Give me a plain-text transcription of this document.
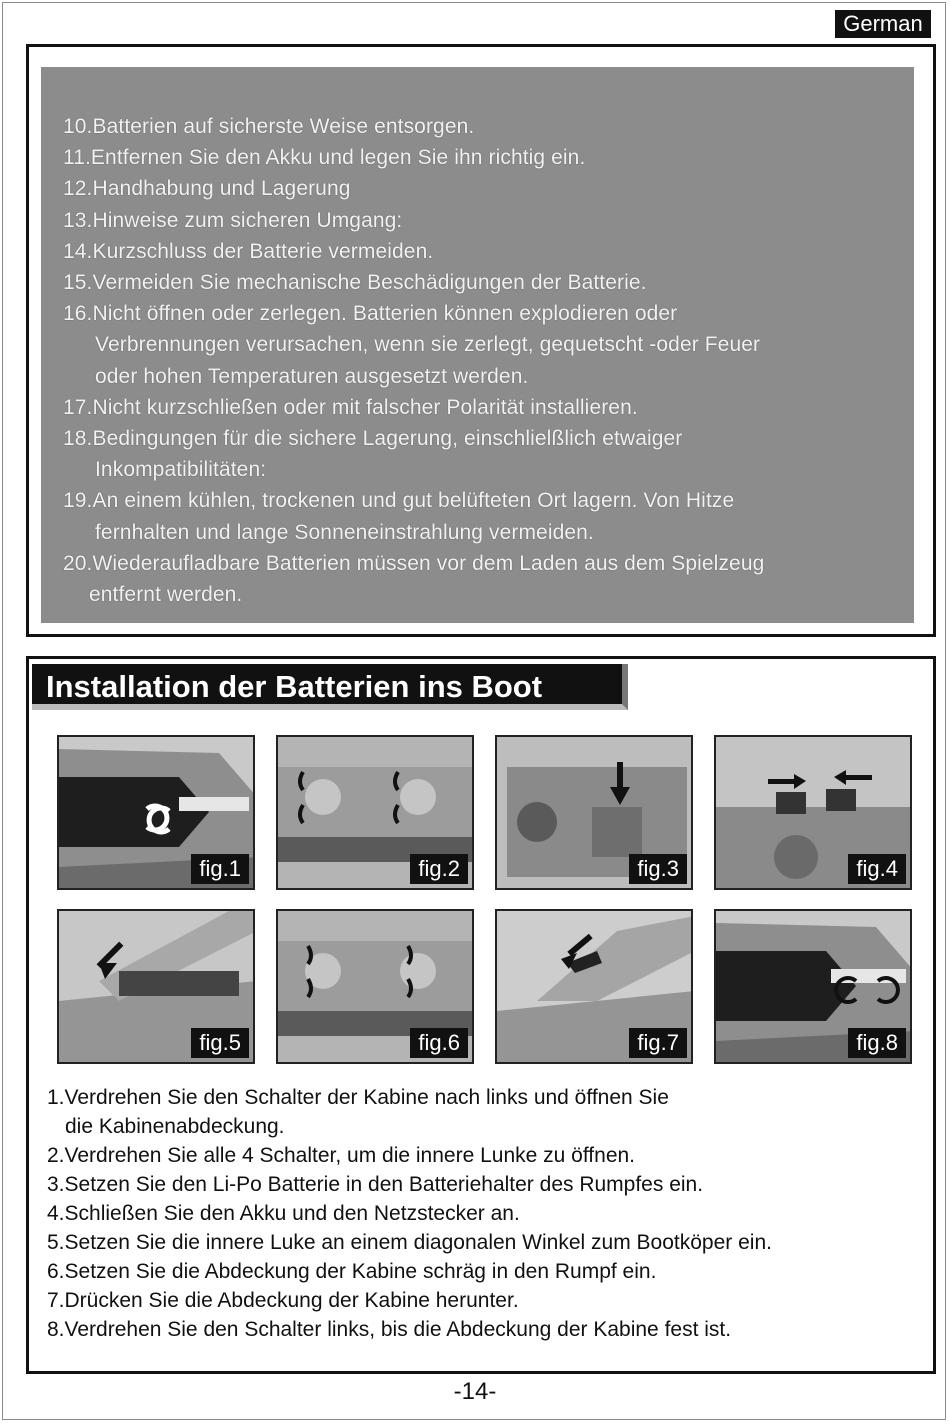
German
10.Batterien auf sicherste Weise entsorgen.
11.Entfernen Sie den Akku und legen Sie ihn richtig ein.
12.Handhabung und Lagerung
13.Hinweise zum sicheren Umgang:
14.Kurzschluss der Batterie vermeiden.
15.Vermeiden Sie mechanische Beschädigungen der Batterie.
16.Nicht öffnen oder zerlegen. Batterien können explodieren oder
Verbrennungen verursachen, wenn sie zerlegt, gequetscht -oder Feuer
oder hohen Temperaturen ausgesetzt werden.
17.Nicht kurzschließen oder mit falscher Polarität installieren.
18.Bedingungen für die sichere Lagerung, einschlielßlich etwaiger
Inkompatibilitäten:
19.An einem kühlen, trockenen und gut belüfteten Ort lagern. Von Hitze
fernhalten und lange Sonneneinstrahlung vermeiden.
20.Wiederaufladbare Batterien müssen vor dem Laden aus dem Spielzeug
entfernt werden.
Installation der Batterien ins Boot
fig.1	fig.2	fig.3	fig.4
fig.5	fig.6	fig.7	fig.8
1.Verdrehen Sie den Schalter der Kabine nach links und öffnen Sie
die Kabinenabdeckung.
2.Verdrehen Sie alle 4 Schalter, um die innere Lunke zu öffnen.
3.Setzen Sie den Li-Po Batterie in den Batteriehalter des Rumpfes ein.
4.Schließen Sie den Akku und den Netzstecker an.
5.Setzen Sie die innere Luke an einem diagonalen Winkel zum Bootköper ein.
6.Setzen Sie die Abdeckung der Kabine schräg in den Rumpf ein.
7.Drücken Sie die Abdeckung der Kabine herunter.
8.Verdrehen Sie den Schalter links, bis die Abdeckung der Kabine fest ist.
-14-
